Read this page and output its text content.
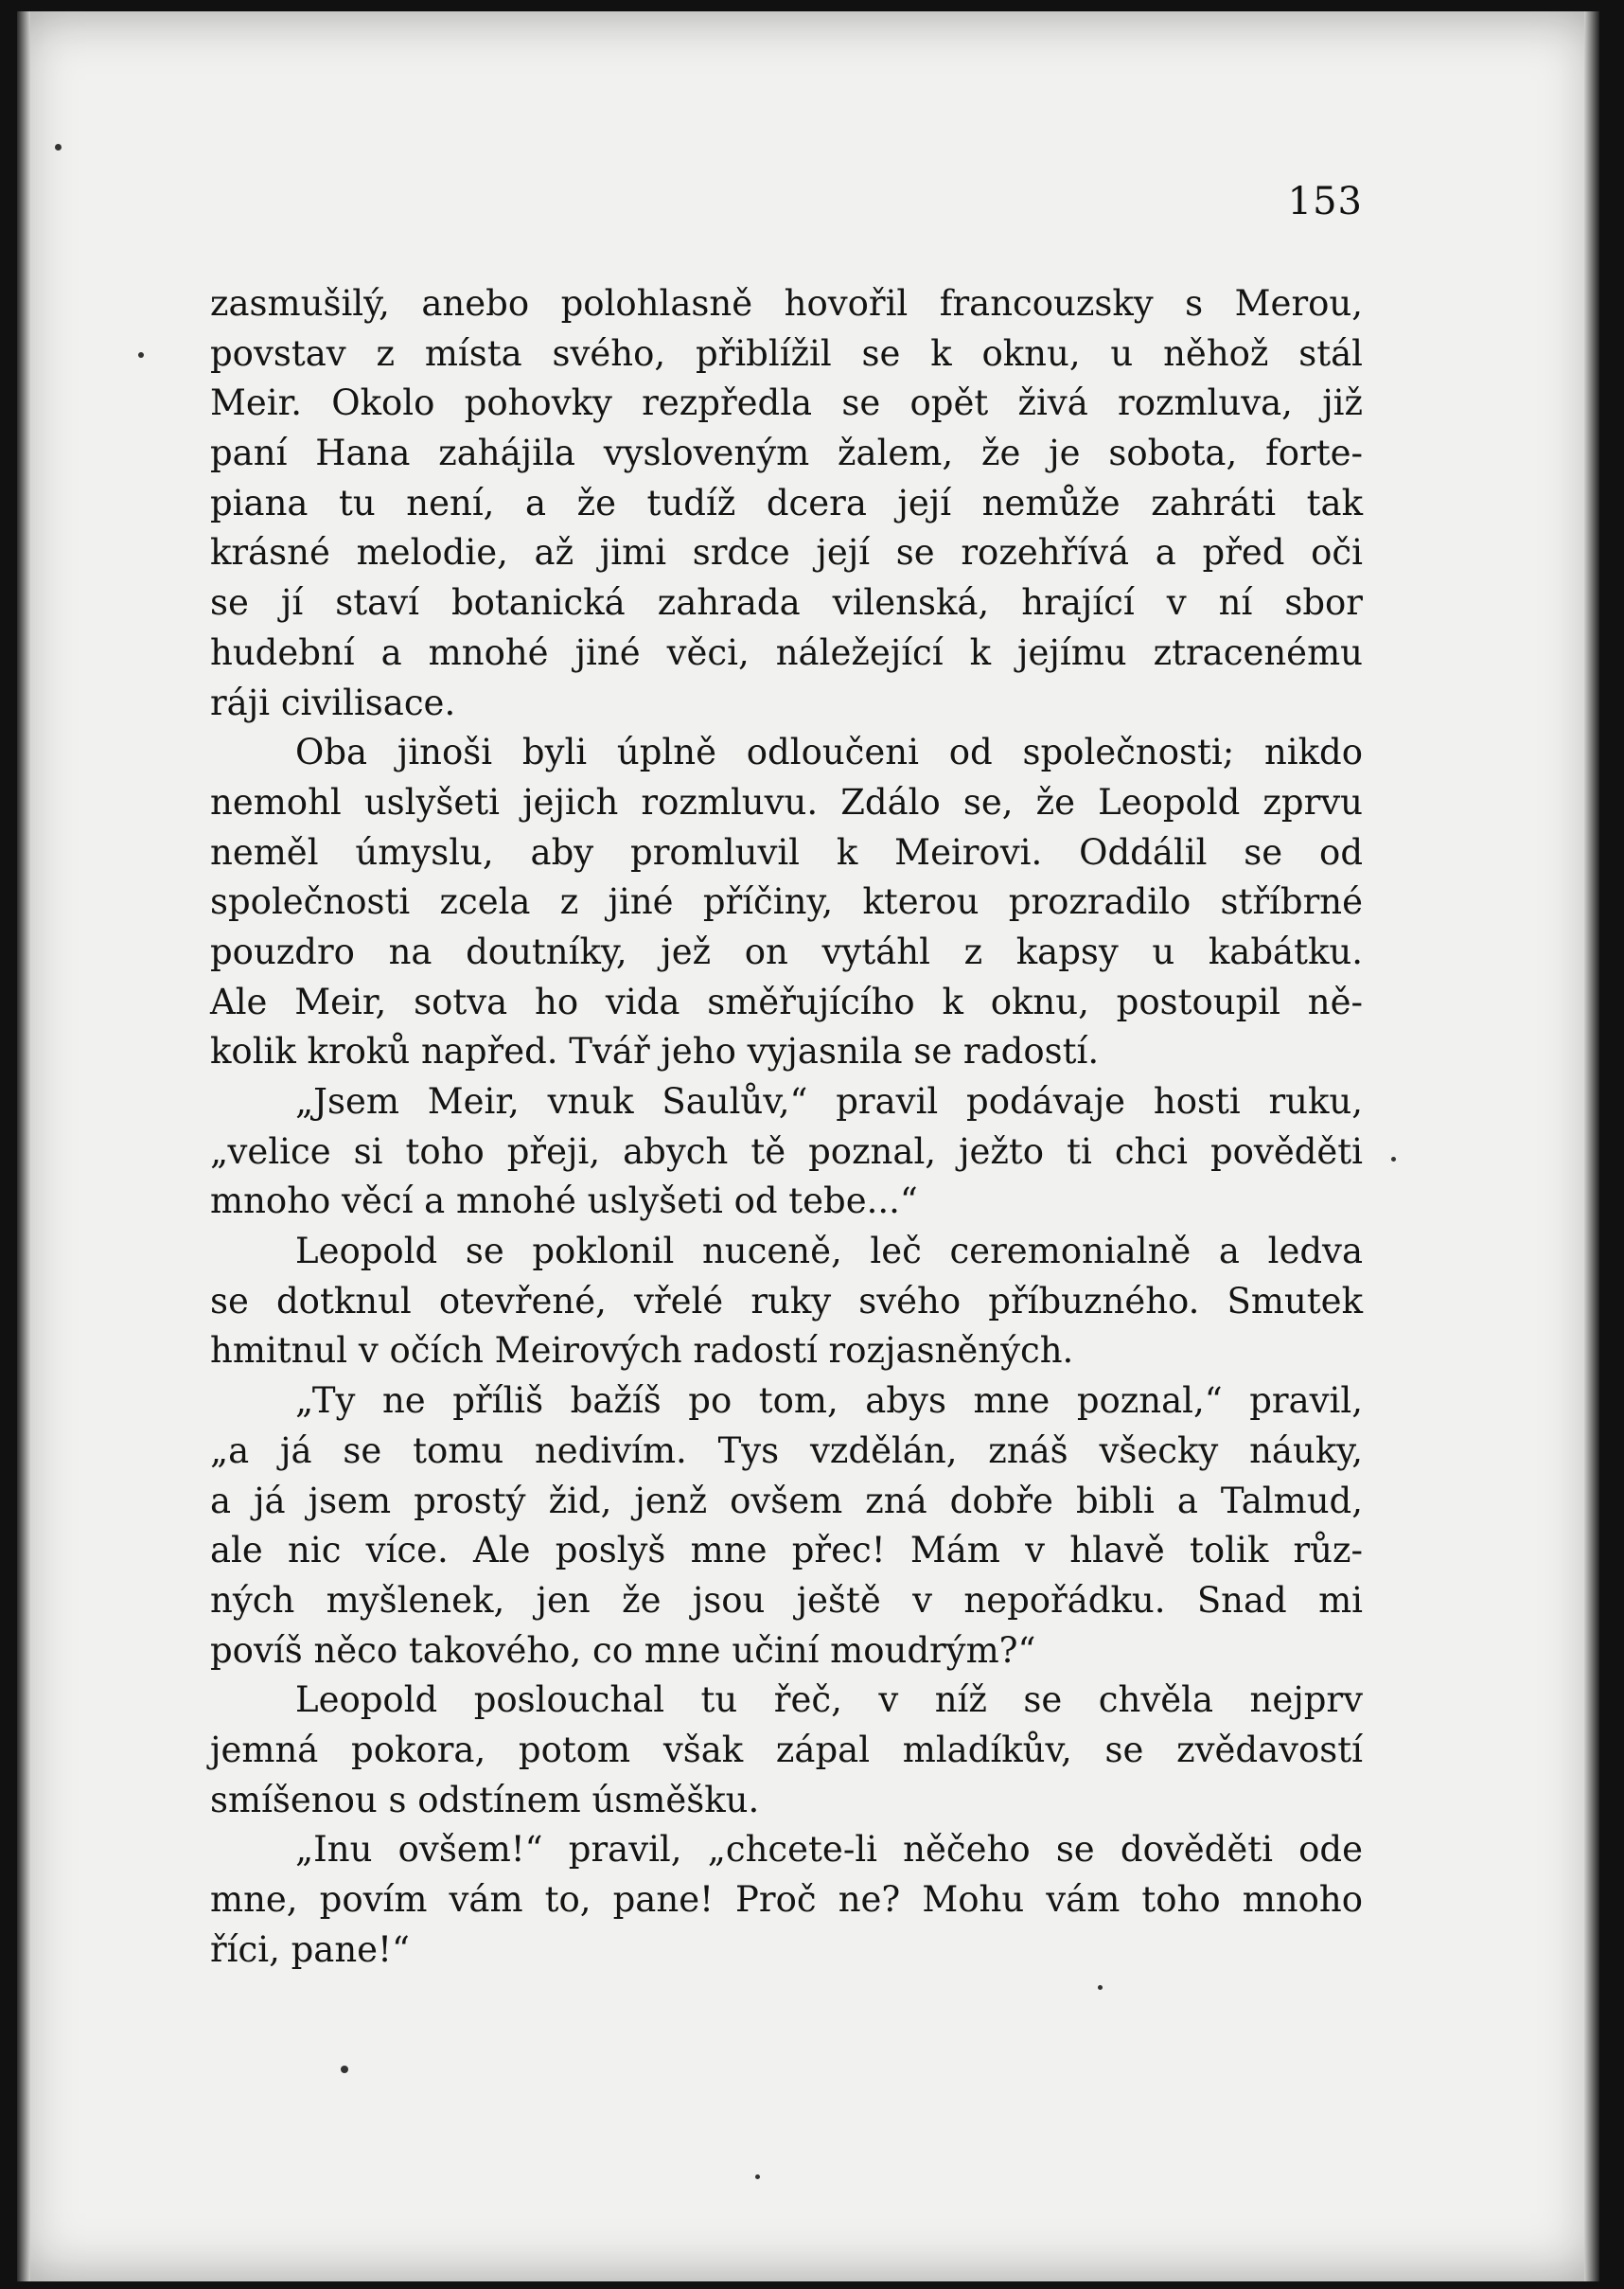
153
zasmušilý, anebo polohlasně hovořil francouzsky s Merou,
povstav z místa svého, přiblížil se k oknu, u něhož stál
Meir. Okolo pohovky rezpředla se opět živá rozmluva, již
paní Hana zahájila vysloveným žalem, že je sobota, forte-
piana tu není, a že tudíž dcera její nemůže zahráti tak
krásné melodie, až jimi srdce její se rozehřívá a před oči
se jí staví botanická zahrada vilenská, hrající v ní sbor
hudební a mnohé jiné věci, náležející k jejímu ztracenému
ráji civilisace.
Oba jinoši byli úplně odloučeni od společnosti; nikdo
nemohl uslyšeti jejich rozmluvu. Zdálo se, že Leopold zprvu
neměl úmyslu, aby promluvil k Meirovi. Oddálil se od
společnosti zcela z jiné příčiny, kterou prozradilo stříbrné
pouzdro na doutníky, jež on vytáhl z kapsy u kabátku.
Ale Meir, sotva ho vida směřujícího k oknu, postoupil ně-
kolik kroků napřed. Tvář jeho vyjasnila se radostí.
„Jsem Meir, vnuk Saulův,“ pravil podávaje hosti ruku,
„velice si toho přeji, abych tě poznal, ježto ti chci pověděti
mnoho věcí a mnohé uslyšeti od tebe...“
Leopold se poklonil nuceně, leč ceremonialně a ledva
se dotknul otevřené, vřelé ruky svého příbuzného. Smutek
hmitnul v očích Meirových radostí rozjasněných.
„Ty ne příliš bažíš po tom, abys mne poznal,“ pravil,
„a já se tomu nedivím. Tys vzdělán, znáš všecky náuky,
a já jsem prostý žid, jenž ovšem zná dobře bibli a Talmud,
ale nic více. Ale poslyš mne přec! Mám v hlavě tolik růz-
ných myšlenek, jen že jsou ještě v nepořádku. Snad mi
povíš něco takového, co mne učiní moudrým?“
Leopold poslouchal tu řeč, v níž se chvěla nejprv
jemná pokora, potom však zápal mladíkův, se zvědavostí
smíšenou s odstínem úsměšku.
„Inu ovšem!“ pravil, „chcete-li něčeho se dověděti ode
mne, povím vám to, pane! Proč ne? Mohu vám toho mnoho
říci, pane!“
